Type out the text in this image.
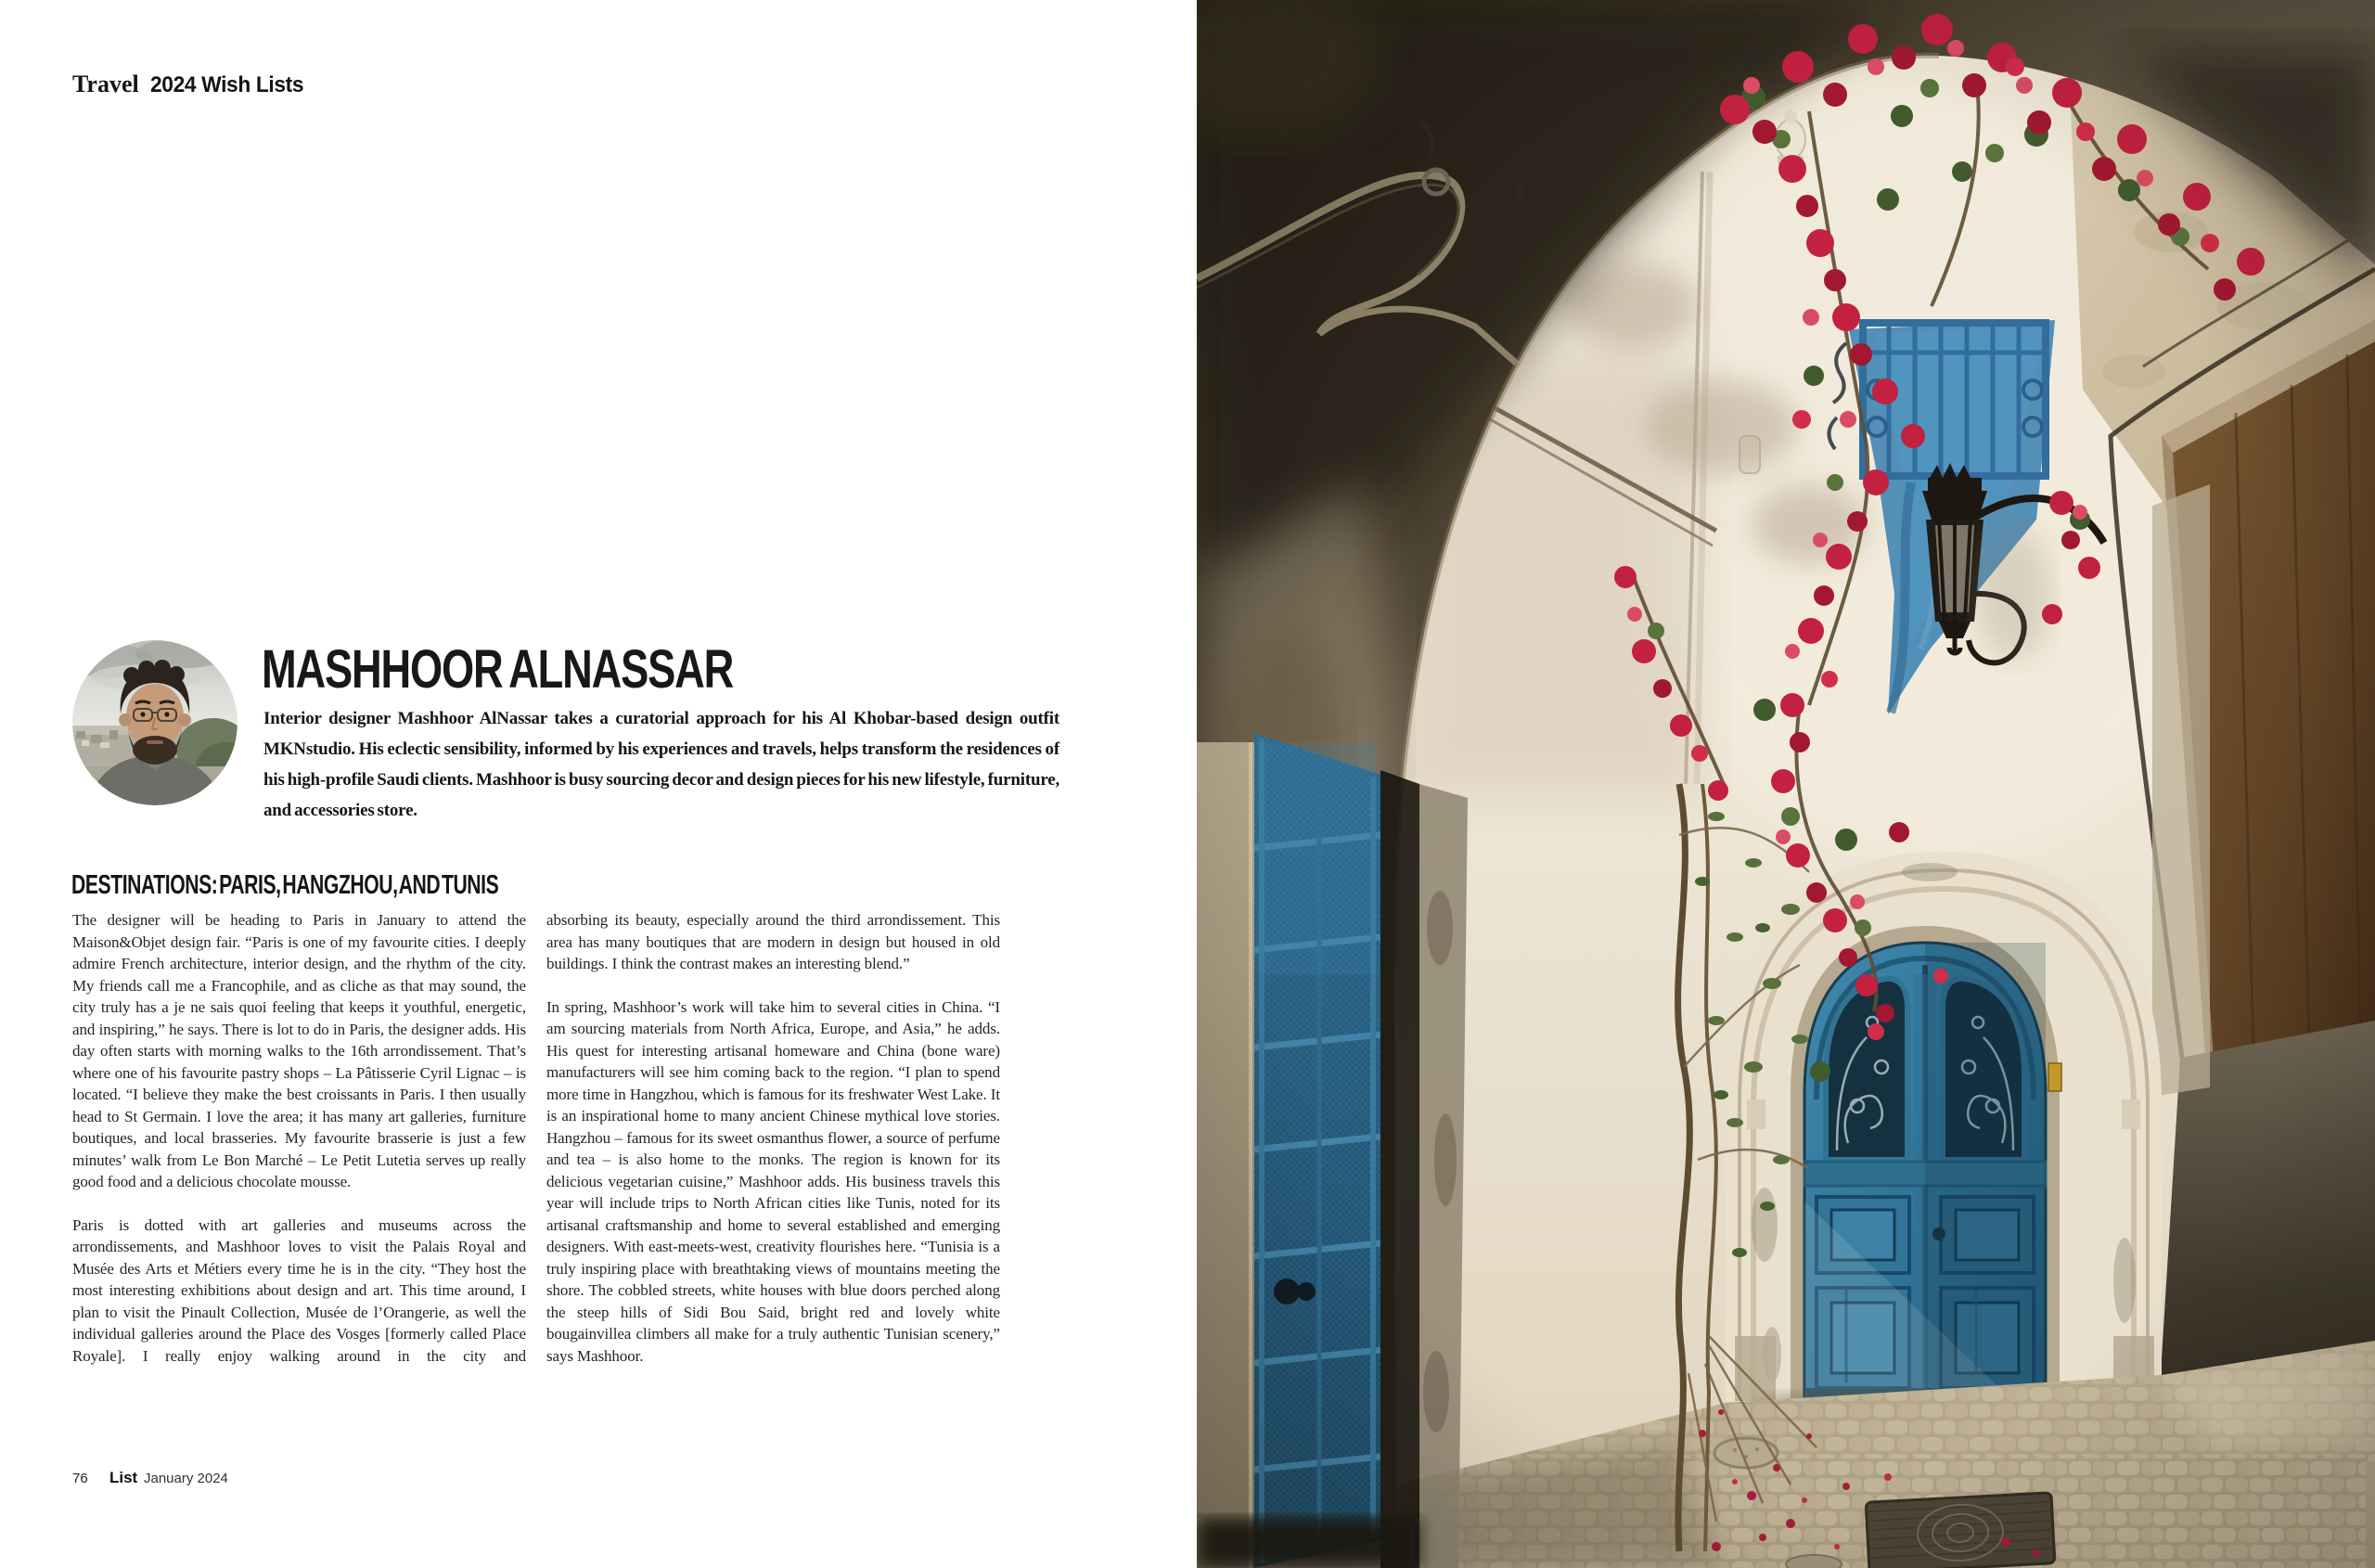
Travel 2024 Wish Lists
MASHHOOR ALNASSAR

Interior designer Mashhoor AlNassar takes a curatorial approach for his Al Khobar-based design outfit MKNstudio. His eclectic sensibility, informed by his experiences and travels, helps transform the residences of his high-profile Saudi clients. Mashhoor is busy sourcing decor and design pieces for his new lifestyle, furniture, and accessories store.

DESTINATIONS: PARIS, HANGZHOU, AND TUNIS

The designer will be heading to Paris in January to attend the Maison&Objet design fair. “Paris is one of my favourite cities. I deeply admire French architecture, interior design, and the rhythm of the city. My friends call me a Francophile, and as cliche as that may sound, the city truly has a je ne sais quoi feeling that keeps it youthful, energetic, and inspiring,” he says. There is lot to do in Paris, the designer adds. His day often starts with morning walks to the 16th arrondissement. That’s where one of his favourite pastry shops – La Pâtisserie Cyril Lignac – is located. “I believe they make the best croissants in Paris. I then usually head to St Germain. I love the area; it has many art galleries, furniture boutiques, and local brasseries. My favourite brasserie is just a few minutes’ walk from Le Bon Marché – Le Petit Lutetia serves up really good food and a delicious chocolate mousse.

Paris is dotted with art galleries and museums across the arrondissements, and Mashhoor loves to visit the Palais Royal and Musée des Arts et Métiers every time he is in the city. “They host the most interesting exhibitions about design and art. This time around, I plan to visit the Pinault Collection, Musée de l’Orangerie, as well the individual galleries around the Place des Vosges [formerly called Place Royale]. I really enjoy walking around in the city and

absorbing its beauty, especially around the third arrondissement. This area has many boutiques that are modern in design but housed in old buildings. I think the contrast makes an interesting blend.”

In spring, Mashhoor’s work will take him to several cities in China. “I am sourcing materials from North Africa, Europe, and Asia,” he adds. His quest for interesting artisanal homeware and China (bone ware) manufacturers will see him coming back to the region. “I plan to spend more time in Hangzhou, which is famous for its freshwater West Lake. It is an inspirational home to many ancient Chinese mythical love stories. Hangzhou – famous for its sweet osmanthus flower, a source of perfume and tea – is also home to the monks. The region is known for its delicious vegetarian cuisine,” Mashhoor adds. His business travels this year will include trips to North African cities like Tunis, noted for its artisanal craftsmanship and home to several established and emerging designers. With east-meets-west, creativity flourishes here. “Tunisia is a truly inspiring place with breathtaking views of mountains meeting the shore. The cobbled streets, white houses with blue doors perched along the steep hills of Sidi Bou Said, bright red and lovely white bougainvillea climbers all make for a truly authentic Tunisian scenery,” says Mashhoor.

76 List January 2024
